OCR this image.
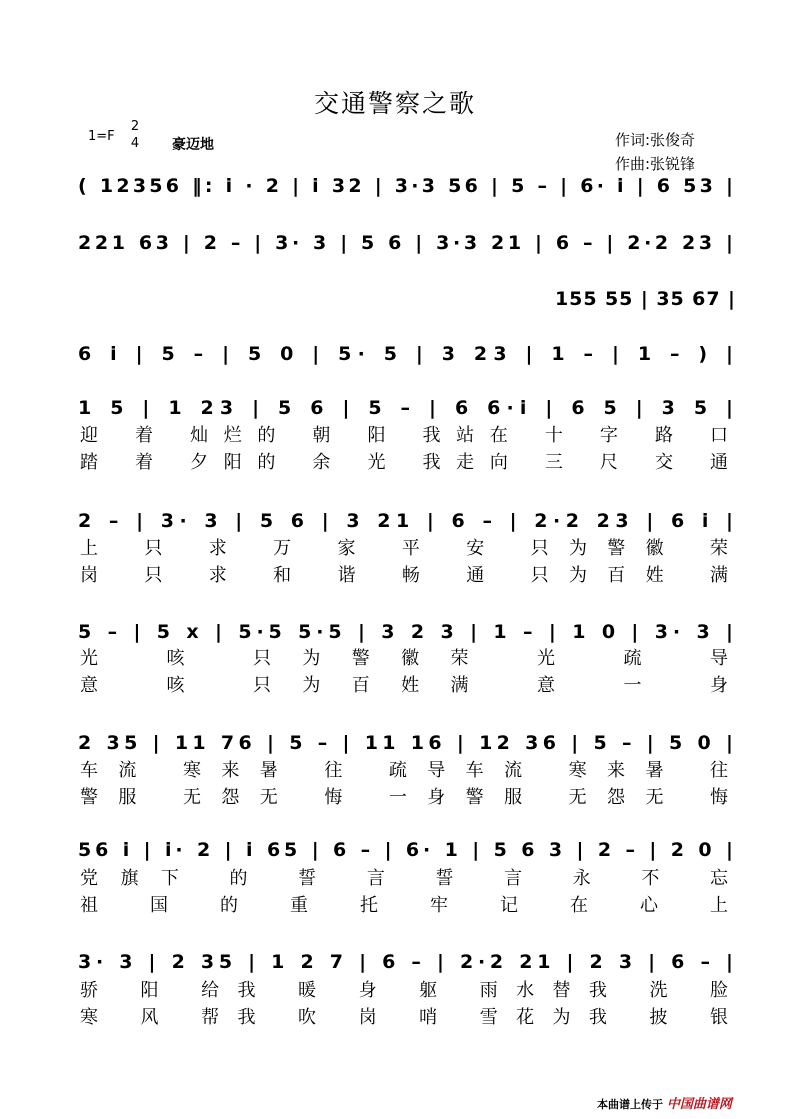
交通警察之歌
1=F
2
4 豪迈地	作词:张俊奇
作曲:张锐锋
( 12356 ‖: i · 2 | i 32 | 3·3 56 | 5 – | 6· i | 6 53 |
221 63 | 2 – | 3· 3 | 5 6 | 3·3 21 | 6 – | 2·2 23 |
155 55 | 35 67 |
6 i | 5 – | 5 0 | 5· 5 | 3 23 | 1 – | 1 – ) |
1 5 | 1 23 | 5 6 | 5 – | 6 6·i | 6 5 | 3 5 |
2 – | 3· 3 | 5 6 | 3 21 | 6 – | 2·2 23 | 6 i |
5 – | 5 x | 5·5 5·5 | 3 2 3 | 1 – | 1 0 | 3· 3 |
2 35 | 11 76 | 5 – | 11 16 | 12 36 | 5 – | 5 0 |
56 i | i· 2 | i 65 | 6 – | 6· 1 | 5 6 3 | 2 – | 2 0 |
3· 3 | 2 35 | 1 2 7 | 6 – | 2·2 21 | 2 3 | 6 – |
迎 着 灿烂的 朝 阳 我站在 十 字 路 口
踏 着 夕阳的 余 光 我走向 三 尺 交 通
上 只 求 万 家 平 安 只为警徽 荣
岗 只 求 和 谐 畅 通 只为百姓 满
光 咳 只为警徽荣 光 疏 导
意 咳 只为百姓满 意 一 身
车流 寒来暑 往 疏导车流 寒来暑 往
警服 无怨无 悔 一身警服 无怨无 悔
党旗下 的 誓 言 誓 言 永 不 忘
祖 国 的 重 托 牢 记 在 心 上
骄 阳 给我 暖 身 躯 雨水替我 洗 脸
寒 风 帮我 吹 岗 哨 雪花为我 披 银
本曲谱上传于 中国曲谱网
